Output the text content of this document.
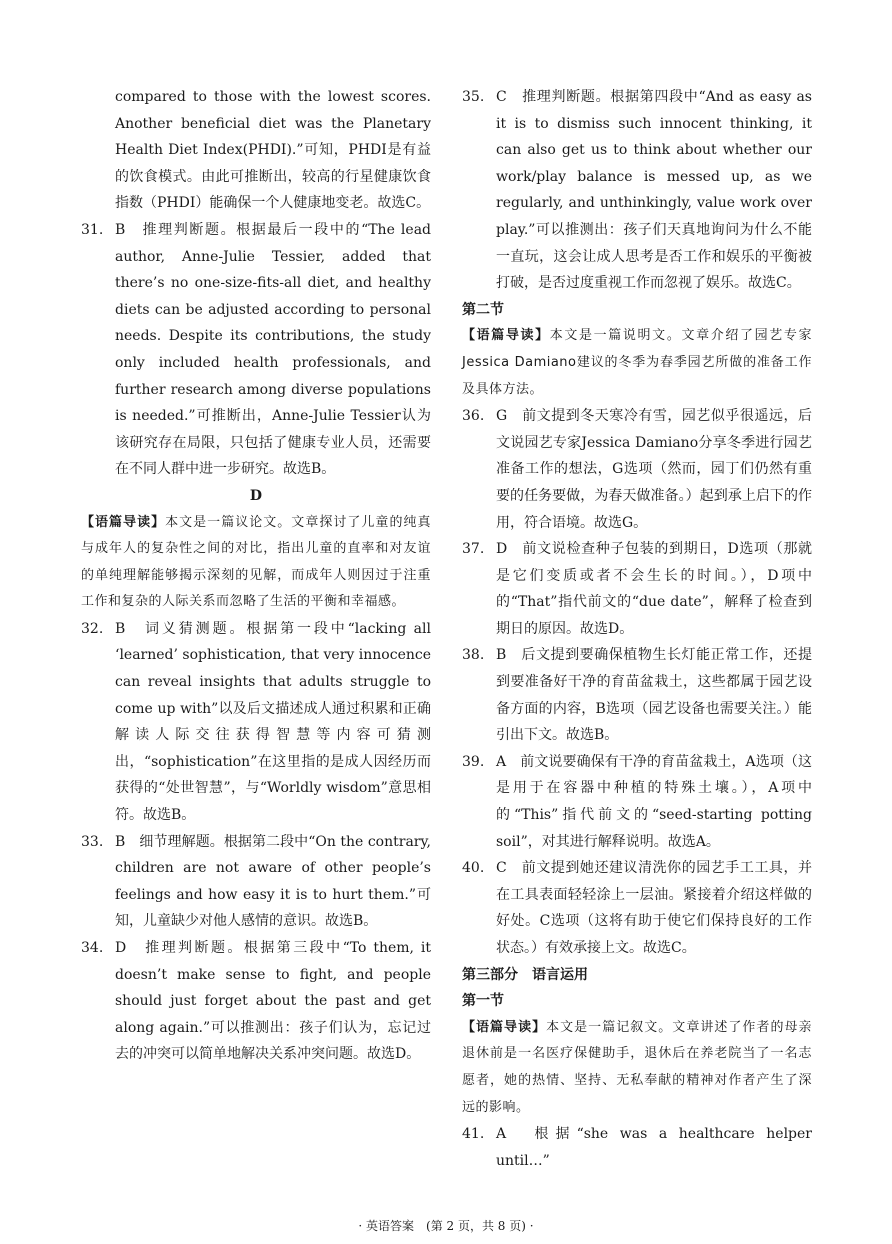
compared to those with the lowest scores. Another beneficial diet was the Planetary Health Diet Index(PHDI).”可知，PHDI是有益的饮食模式。由此可推断出，较高的行星健康饮食指数（PHDI）能确保一个人健康地变老。故选C。

31. B　推理判断题。根据最后一段中的“The lead author, Anne-Julie Tessier, added that there’s no one-size-fits-all diet, and healthy diets can be adjusted according to personal needs. Despite its contributions, the study only included health professionals, and further research among diverse populations is needed.”可推断出，Anne-Julie Tessier认为该研究存在局限，只包括了健康专业人员，还需要在不同人群中进一步研究。故选B。
D

【语篇导读】本文是一篇议论文。文章探讨了儿童的纯真与成年人的复杂性之间的对比，指出儿童的直率和对友谊的单纯理解能够揭示深刻的见解，而成年人则因过于注重工作和复杂的人际关系而忽略了生活的平衡和幸福感。

32. B　词义猜测题。根据第一段中“lacking all ‘learned’ sophistication, that very innocence can reveal insights that adults struggle to come up with”以及后文描述成人通过积累和正确解读人际交往获得智慧等内容可猜测出，“sophistication”在这里指的是成人因经历而获得的“处世智慧”，与“Worldly wisdom”意思相符。故选B。
33. B　细节理解题。根据第二段中“On the contrary, children are not aware of other people’s feelings and how easy it is to hurt them.”可知，儿童缺少对他人感情的意识。故选B。
34. D　推理判断题。根据第三段中“To them, it doesn’t make sense to fight, and people should just forget about the past and get along again.”可以推测出：孩子们认为，忘记过去的冲突可以简单地解决关系冲突问题。故选D。
35. C　推理判断题。根据第四段中“And as easy as it is to dismiss such innocent thinking, it can also get us to think about whether our work/play balance is messed up, as we regularly, and unthinkingly, value work over play.”可以推测出：孩子们天真地询问为什么不能一直玩，这会让成人思考是否工作和娱乐的平衡被打破，是否过度重视工作而忽视了娱乐。故选C。
第二节

【语篇导读】本文是一篇说明文。文章介绍了园艺专家Jessica Damiano建议的冬季为春季园艺所做的准备工作及具体方法。

36. G　前文提到冬天寒冷有雪，园艺似乎很遥远，后文说园艺专家Jessica Damiano分享冬季进行园艺准备工作的想法，G选项（然而，园丁们仍然有重要的任务要做，为春天做准备。）起到承上启下的作用，符合语境。故选G。
37. D　前文说检查种子包装的到期日，D选项（那就是它们变质或者不会生长的时间。），D项中的“That”指代前文的“due date”，解释了检查到期日的原因。故选D。
38. B　后文提到要确保植物生长灯能正常工作，还提到要准备好干净的育苗盆栽土，这些都属于园艺设备方面的内容，B选项（园艺设备也需要关注。）能引出下文。故选B。
39. A　前文说要确保有干净的育苗盆栽土，A选项（这是用于在容器中种植的特殊土壤。），A项中的“This”指代前文的“seed-starting potting soil”，对其进行解释说明。故选A。
40. C　前文提到她还建议清洗你的园艺手工工具，并在工具表面轻轻涂上一层油。紧接着介绍这样做的好处。C选项（这将有助于使它们保持良好的工作状态。）有效承接上文。故选C。
第三部分　语言运用
第一节

【语篇导读】本文是一篇记叙文。文章讲述了作者的母亲退休前是一名医疗保健助手，退休后在养老院当了一名志愿者，她的热情、坚持、无私奉献的精神对作者产生了深远的影响。

41. A　根据“she was a healthcare helper until…”
· 英语答案　(第 2 页，共 8 页) ·
